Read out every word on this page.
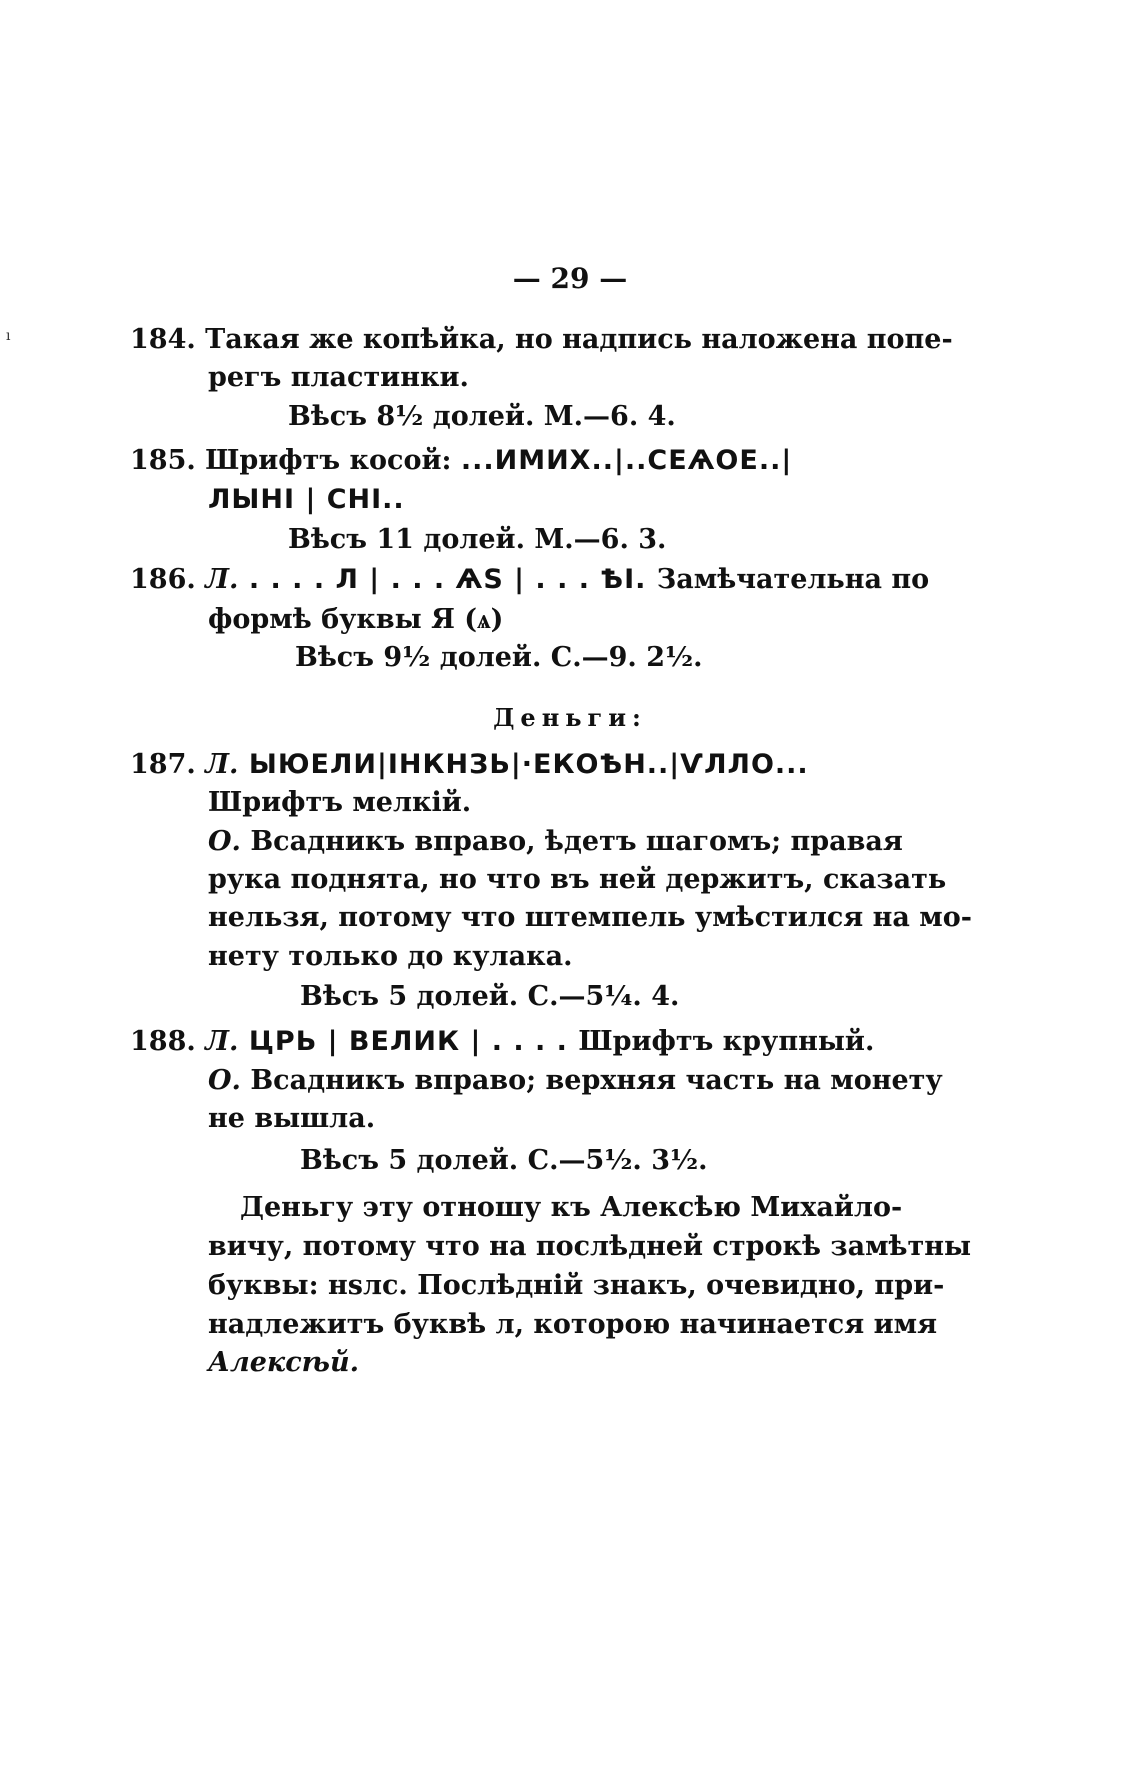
— 29 —
ı	184. Такая же копѣйка, но надпись наложена попе-
регъ пластинки.
Вѣсъ 8½ долей. М.—6. 4.
185. Шрифтъ косой: ...ИМИХ..|..СЕѦОЕ..|
ЛЫНІ | СНІ..
Вѣсъ 11 долей. М.—6. 3.
186. Л. . . . . Л | . . . ѦЅ | . . . ѢІ. Замѣчательна по
формѣ буквы Я (ѧ)
Вѣсъ 9½ долей. С.—9. 2½.
Деньги:
187. Л. ЫЮЕЛИ|ІНКНЗЬ|·ЕКОѢН..|ѴЛЛО...
Шрифтъ мелкій.
О. Всадникъ вправо, ѣдетъ шагомъ; правая
рука поднята, но что въ ней держитъ, сказать
нельзя, потому что штемпель умѣстился на мо-
нету только до кулака.
Вѣсъ 5 долей. С.—5¼. 4.
188. Л. ЦРЬ | ВЕЛИК | . . . . Шрифтъ крупный.
О. Всадникъ вправо; верхняя часть на монету
не вышла.
Вѣсъ 5 долей. С.—5½. 3½.
Деньгу эту отношу къ Алексѣю Михайло-
вичу, потому что на послѣдней строкѣ замѣтны
буквы: нѕлс. Послѣдній знакъ, очевидно, при-
надлежитъ буквѣ л, которою начинается имя
Алексѣй.
